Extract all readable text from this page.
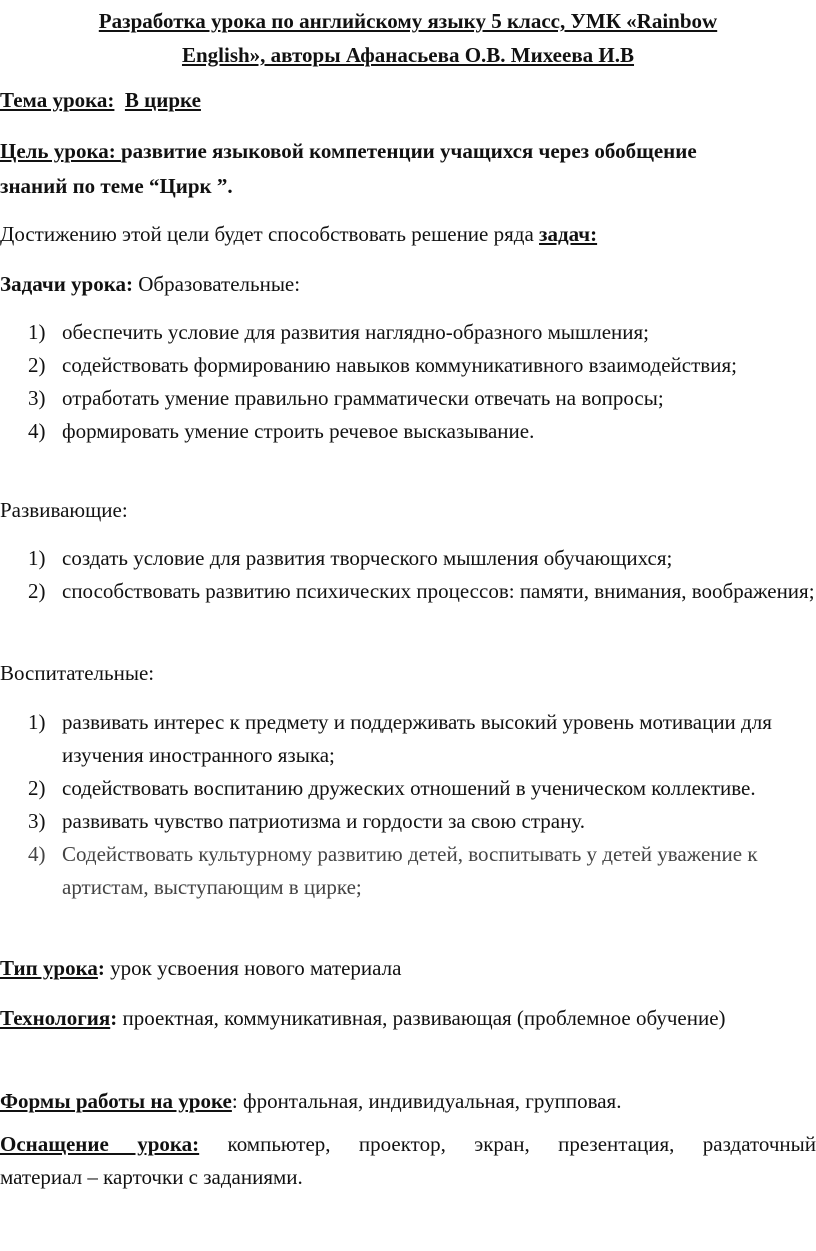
Разработка урока по английскому языку 5 класс, УМК «Rainbow
English», авторы Афанасьева О.В. Михеева И.В
Тема урока: В цирке
Цель урока: развитие языковой компетенции учащихся через обобщение
знаний по теме “Цирк ”.
Достижению этой цели будет способствовать решение ряда задач:
Задачи урока: Образовательные:
1) обеспечить условие для развития наглядно-образного мышления;
2) содействовать формированию навыков коммуникативного взаимодействия;
3) отработать умение правильно грамматически отвечать на вопросы;
4) формировать умение строить речевое высказывание.
Развивающие:
1) создать условие для развития творческого мышления обучающихся;
2) способствовать развитию психических процессов: памяти, внимания, воображения;
Воспитательные:
1) развивать интерес к предмету и поддерживать высокий уровень мотивации для изучения иностранного языка;
2) содействовать воспитанию дружеских отношений в ученическом коллективе.
3) развивать чувство патриотизма и гордости за свою страну.
4) Содействовать культурному развитию детей, воспитывать у детей уважение к артистам, выступающим в цирке;
Тип урока: урок усвоения нового материала
Технология: проектная, коммуникативная, развивающая (проблемное обучение)
Формы работы на уроке: фронтальная, индивидуальная, групповая.
Оснащение урока: компьютер, проектор, экран, презентация, раздаточный
материал – карточки с заданиями.
